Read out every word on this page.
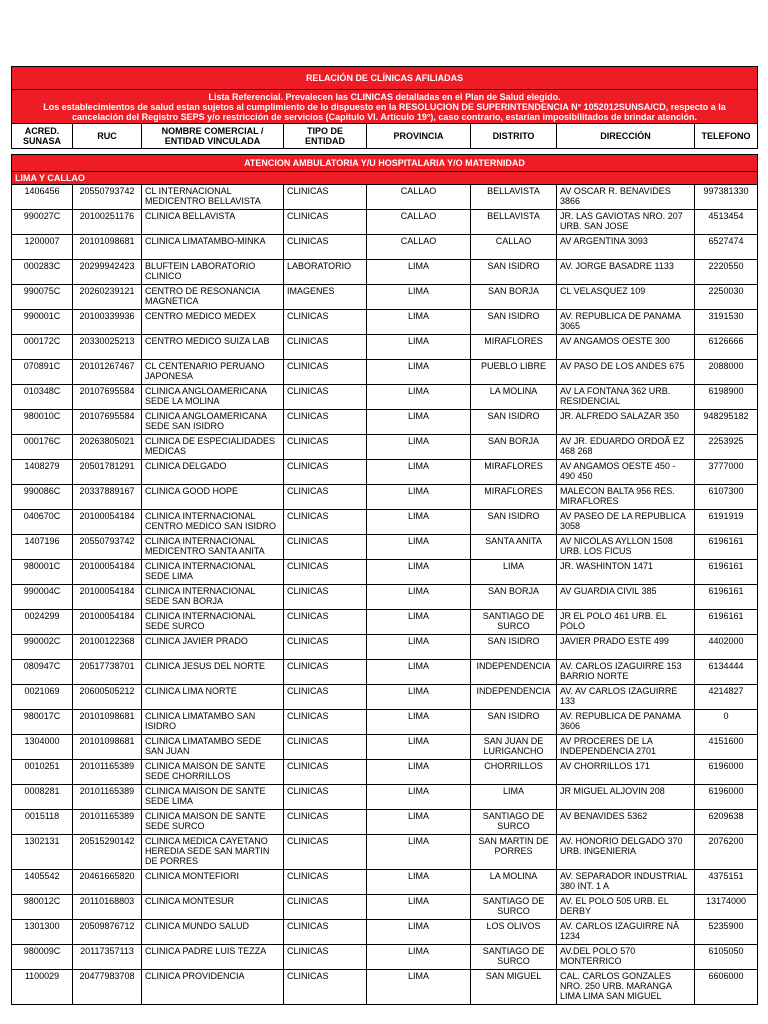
RELACIÓN DE CLÍNICAS AFILIADAS							

Lista Referencial. Prevalecen las CLINICAS detalladas en el Plan de Salud elegido.
Los establecimientos de salud estan sujetos al cumplimiento de lo dispuesto en la RESOLUCION DE SUPERINTENDENCIA N° 1052012SUNSA/CD, respecto a la
cancelación del Registro SEPS y/o restricción de servicios (Capitulo VI. Artículo 19°), caso contrario, estarían imposibilitados de brindar atención.							

ACRED. SUNASA	RUC	NOMBRE COMERCIAL / ENTIDAD VINCULADA	TIPO DE ENTIDAD	PROVINCIA	DISTRITO	DIRECCIÓN	TELEFONO

ATENCION AMBULATORIA Y/U HOSPITALARIA Y/O MATERNIDAD							
LIMA Y CALLAO							
1406456	20550793742	CL INTERNACIONAL MEDICENTRO BELLAVISTA	CLINICAS	CALLAO	BELLAVISTA	AV OSCAR R. BENAVIDES 3866	997381330
990027C	20100251176	CLINICA BELLAVISTA	CLINICAS	CALLAO	BELLAVISTA	JR. LAS GAVIOTAS NRO. 207 URB. SAN JOSE	4513454
1200007	20101098681	CLINICA LIMATAMBO-MINKA	CLINICAS	CALLAO	CALLAO	AV ARGENTINA 3093	6527474
000283C	20299942423	BLUFTEIN LABORATORIO CLINICO	LABORATORIO	LIMA	SAN ISIDRO	AV. JORGE BASADRE 1133	2220550
990075C	20260239121	CENTRO DE RESONANCIA MAGNETICA	IMAGENES	LIMA	SAN BORJA	CL VELASQUEZ 109	2250030
990001C	20100339936	CENTRO MEDICO MEDEX	CLINICAS	LIMA	SAN ISIDRO	AV. REPUBLICA DE PANAMA 3065	3191530
000172C	20330025213	CENTRO MEDICO SUIZA LAB	CLINICAS	LIMA	MIRAFLORES	AV ANGAMOS OESTE 300	6126666
070891C	20101267467	CL CENTENARIO PERUANO JAPONESA	CLINICAS	LIMA	PUEBLO LIBRE	AV PASO DE LOS ANDES 675	2088000
010348C	20107695584	CLINICA ANGLOAMERICANA SEDE LA MOLINA	CLINICAS	LIMA	LA MOLINA	AV LA FONTANA 362 URB. RESIDENCIAL	6198900
980010C	20107695584	CLINICA ANGLOAMERICANA SEDE SAN ISIDRO	CLINICAS	LIMA	SAN ISIDRO	JR. ALFREDO SALAZAR 350	948295182
000176C	20263805021	CLINICA DE ESPECIALIDADES MEDICAS	CLINICAS	LIMA	SAN BORJA	AV JR. EDUARDO ORDOÃ EZ 468 268	2253925
1408279	20501781291	CLINICA DELGADO	CLINICAS	LIMA	MIRAFLORES	AV ANGAMOS OESTE 450 - 490 450	3777000
990086C	20337889167	CLINICA GOOD HOPE	CLINICAS	LIMA	MIRAFLORES	MALECON BALTA 956 RES. MIRAFLORES	6107300
040670C	20100054184	CLINICA INTERNACIONAL CENTRO MEDICO SAN ISIDRO	CLINICAS	LIMA	SAN ISIDRO	AV PASEO DE LA REPUBLICA 3058	6191919
1407196	20550793742	CLINICA INTERNACIONAL MEDICENTRO SANTA ANITA	CLINICAS	LIMA	SANTA ANITA	AV NICOLAS AYLLON 1508 URB. LOS FICUS	6196161
980001C	20100054184	CLINICA INTERNACIONAL SEDE LIMA	CLINICAS	LIMA	LIMA	JR. WASHINTON 1471	6196161
990004C	20100054184	CLINICA INTERNACIONAL SEDE SAN BORJA	CLINICAS	LIMA	SAN BORJA	AV GUARDIA CIVIL 385	6196161
0024299	20100054184	CLINICA INTERNACIONAL SEDE SURCO	CLINICAS	LIMA	SANTIAGO DE SURCO	JR EL POLO 461 URB. EL POLO	6196161
990002C	20100122368	CLINICA JAVIER PRADO	CLINICAS	LIMA	SAN ISIDRO	JAVIER PRADO ESTE 499	4402000
080947C	20517738701	CLINICA JESUS DEL NORTE	CLINICAS	LIMA	INDEPENDENCIA	AV. CARLOS IZAGUIRRE 153 BARRIO NORTE	6134444
0021069	20600505212	CLINICA LIMA NORTE	CLINICAS	LIMA	INDEPENDENCIA	AV. AV CARLOS IZAGUIRRE 133	4214827
980017C	20101098681	CLINICA LIMATAMBO SAN ISIDRO	CLINICAS	LIMA	SAN ISIDRO	AV. REPUBLICA DE PANAMA 3606	0
1304000	20101098681	CLINICA LIMATAMBO SEDE SAN JUAN	CLINICAS	LIMA	SAN JUAN DE LURIGANCHO	AV PROCERES DE LA INDEPENDENCIA 2701	4151600
0010251	20101165389	CLINICA MAISON DE SANTE SEDE CHORRILLOS	CLINICAS	LIMA	CHORRILLOS	AV CHORRILLOS 171	6196000
0008281	20101165389	CLINICA MAISON DE SANTE SEDE LIMA	CLINICAS	LIMA	LIMA	JR MIGUEL ALJOVIN 208	6196000
0015118	20101165389	CLINICA MAISON DE SANTE SEDE SURCO	CLINICAS	LIMA	SANTIAGO DE SURCO	AV BENAVIDES 5362	6209638
1302131	20515290142	CLINICA MEDICA CAYETANO HEREDIA SEDE SAN MARTIN DE PORRES	CLINICAS	LIMA	SAN MARTIN DE PORRES	AV. HONORIO DELGADO 370 URB. INGENIERIA	2076200
1405542	20461665820	CLINICA MONTEFIORI	CLINICAS	LIMA	LA MOLINA	AV. SEPARADOR INDUSTRIAL 380 INT. 1 A	4375151
980012C	20110168803	CLINICA MONTESUR	CLINICAS	LIMA	SANTIAGO DE SURCO	AV. EL POLO 505 URB. EL DERBY	13174000
1301300	20509876712	CLINICA MUNDO SALUD	CLINICAS	LIMA	LOS OLIVOS	AV. CARLOS IZAGUIRRE NÂ 1234	5235900
980009C	20117357113	CLINICA PADRE LUIS TEZZA	CLINICAS	LIMA	SANTIAGO DE SURCO	AV.DEL POLO 570 MONTERRICO	6105050
1100029	20477983708	CLINICA PROVIDENCIA	CLINICAS	LIMA	SAN MIGUEL	CAL. CARLOS GONZALES NRO. 250 URB. MARANGA LIMA LIMA SAN MIGUEL	6606000
